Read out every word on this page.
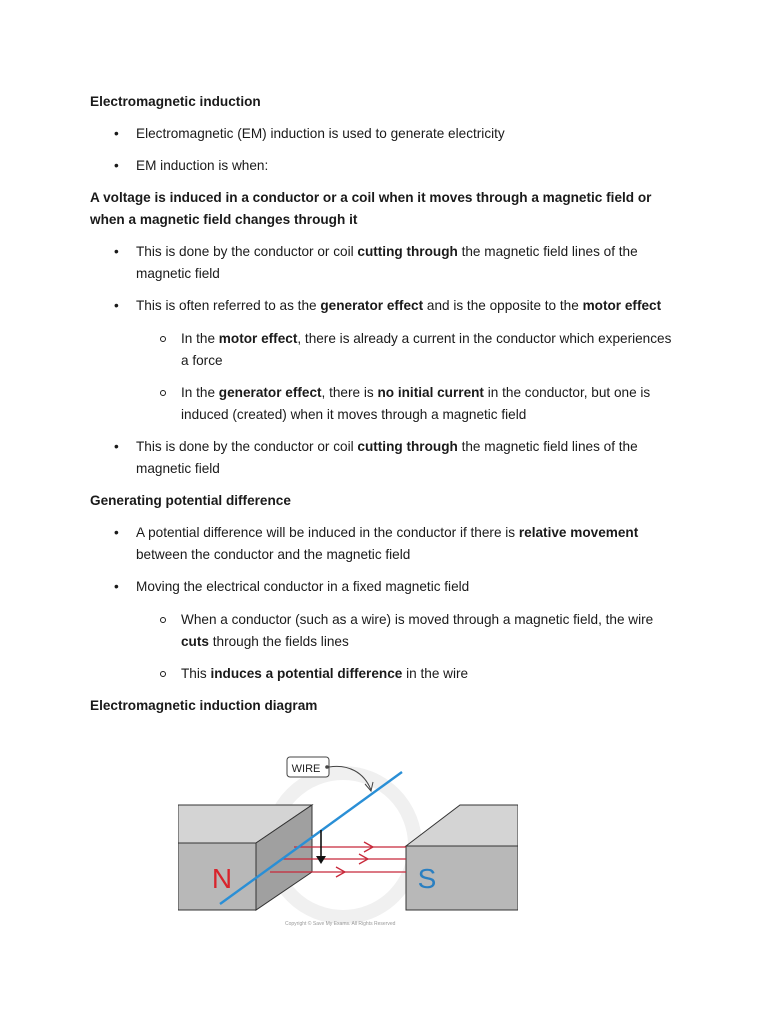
Electromagnetic induction
• Electromagnetic (EM) induction is used to generate electricity
• EM induction is when:
A voltage is induced in a conductor or a coil when it moves through a magnetic field or when a magnetic field changes through it
• This is done by the conductor or coil cutting through the magnetic field lines of the magnetic field
• This is often referred to as the generator effect and is the opposite to the motor effect
In the motor effect, there is already a current in the conductor which experiences a force
In the generator effect, there is no initial current in the conductor, but one is induced (created) when it moves through a magnetic field
• This is done by the conductor or coil cutting through the magnetic field lines of the magnetic field
Generating potential difference
• A potential difference will be induced in the conductor if there is relative movement between the conductor and the magnetic field
• Moving the electrical conductor in a fixed magnetic field
When a conductor (such as a wire) is moved through a magnetic field, the wire cuts through the fields lines
This induces a potential difference in the wire
Electromagnetic induction diagram
N	S
WIRE
Copyright © Save My Exams. All Rights Reserved
